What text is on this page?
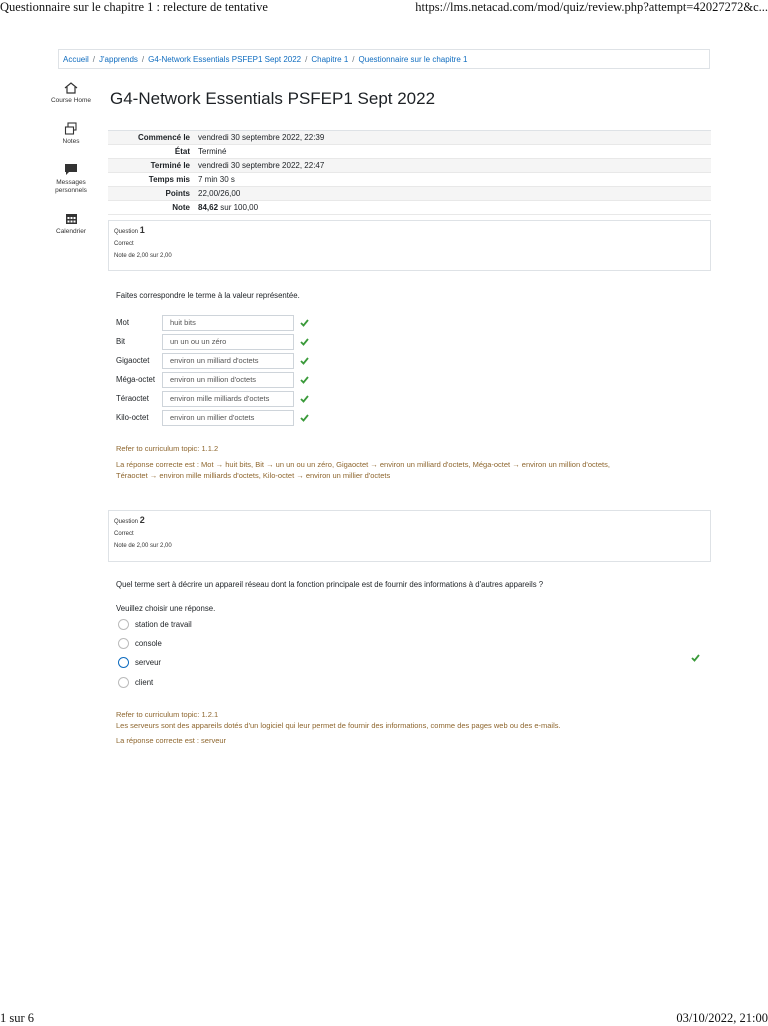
Questionnaire sur le chapitre 1 : relecture de tentative	https://lms.netacad.com/mod/quiz/review.php?attempt=42027272&c...
Accueil / J'apprends / G4-Network Essentials PSFEP1 Sept 2022 / Chapitre 1 / Questionnaire sur le chapitre 1
Course Home
Notes
Messages personnels
Calendrier
G4-Network Essentials PSFEP1 Sept 2022
Commencé le	vendredi 30 septembre 2022, 22:39
État	Terminé
Terminé le	vendredi 30 septembre 2022, 22:47
Temps mis	7 min 30 s
Points	22,00/26,00
Note	84,62 sur 100,00
Question 1
Correct
Note de 2,00 sur 2,00
Faites correspondre le terme à la valeur représentée.
Mot	huit bits
Bit	un un ou un zéro
Gigaoctet	environ un milliard d'octets
Méga-octet	environ un million d'octets
Téraoctet	environ mille milliards d'octets
Kilo-octet	environ un millier d'octets
Refer to curriculum topic: 1.1.2
La réponse correcte est : Mot → huit bits, Bit → un un ou un zéro, Gigaoctet → environ un milliard d'octets, Méga-octet → environ un million d'octets,
Téraoctet → environ mille milliards d'octets, Kilo-octet → environ un millier d'octets
Question 2
Correct
Note de 2,00 sur 2,00
Quel terme sert à décrire un appareil réseau dont la fonction principale est de fournir des informations à d'autres appareils ?
Veuillez choisir une réponse.
station de travail
console
serveur
client
Refer to curriculum topic: 1.2.1
Les serveurs sont des appareils dotés d'un logiciel qui leur permet de fournir des informations, comme des pages web ou des e-mails.
La réponse correcte est : serveur
1 sur 6	03/10/2022, 21:00
